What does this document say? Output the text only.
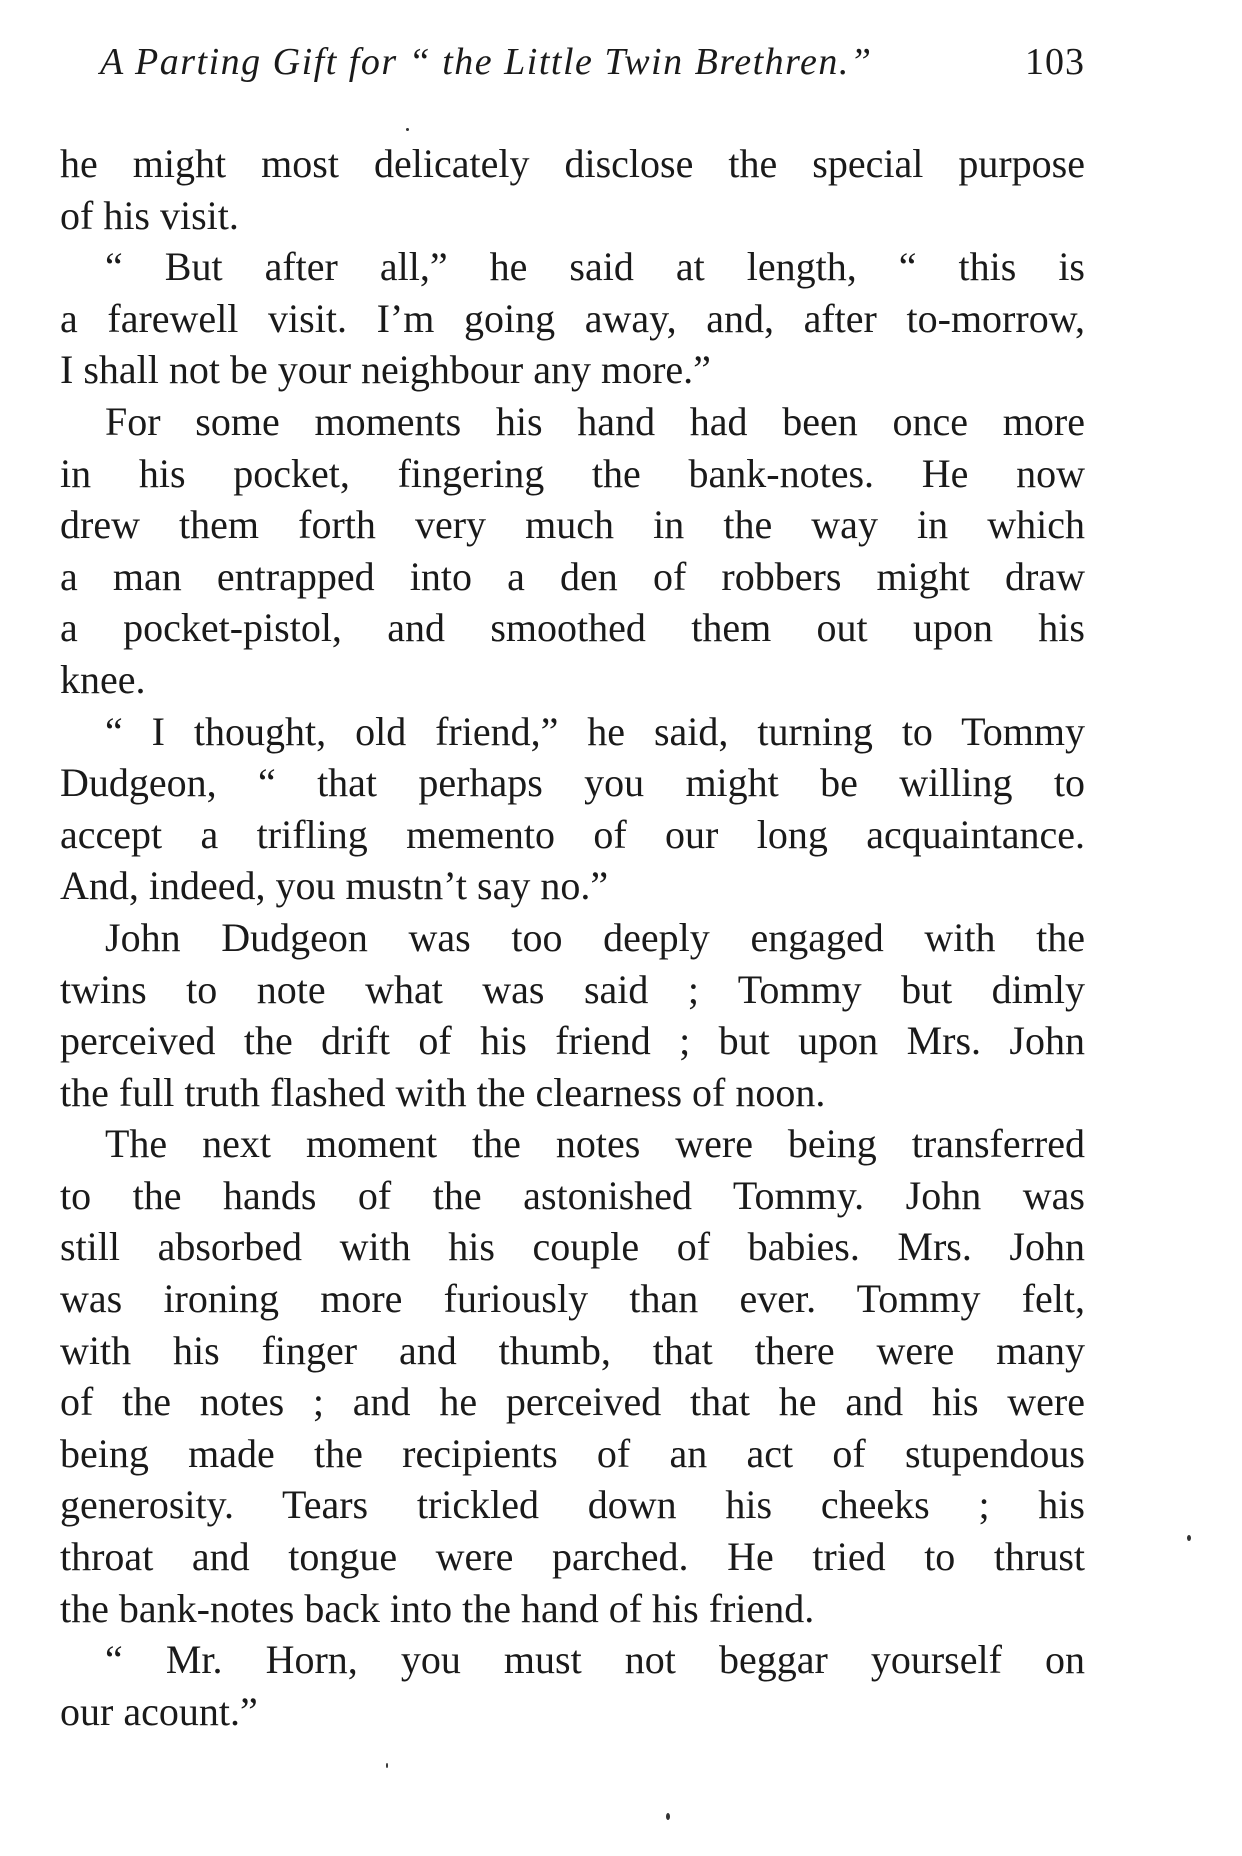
A Parting Gift for “ the Little Twin Brethren.”	103
he might most delicately disclose the special purpose
of his visit.
“ But after all,” he said at length, “ this is
a farewell visit. I’m going away, and, after to-morrow,
I shall not be your neighbour any more.”
For some moments his hand had been once more
in his pocket, fingering the bank-notes. He now
drew them forth very much in the way in which
a man entrapped into a den of robbers might draw
a pocket-pistol, and smoothed them out upon his
knee.
“ I thought, old friend,” he said, turning to Tommy
Dudgeon, “ that perhaps you might be willing to
accept a trifling memento of our long acquaintance.
And, indeed, you mustn’t say no.”
John Dudgeon was too deeply engaged with the
twins to note what was said ; Tommy but dimly
perceived the drift of his friend ; but upon Mrs. John
the full truth flashed with the clearness of noon.
The next moment the notes were being transferred
to the hands of the astonished Tommy. John was
still absorbed with his couple of babies. Mrs. John
was ironing more furiously than ever. Tommy felt,
with his finger and thumb, that there were many
of the notes ; and he perceived that he and his were
being made the recipients of an act of stupendous
generosity. Tears trickled down his cheeks ; his
throat and tongue were parched. He tried to thrust
the bank-notes back into the hand of his friend.
“ Mr. Horn, you must not beggar yourself on
our acount.”
